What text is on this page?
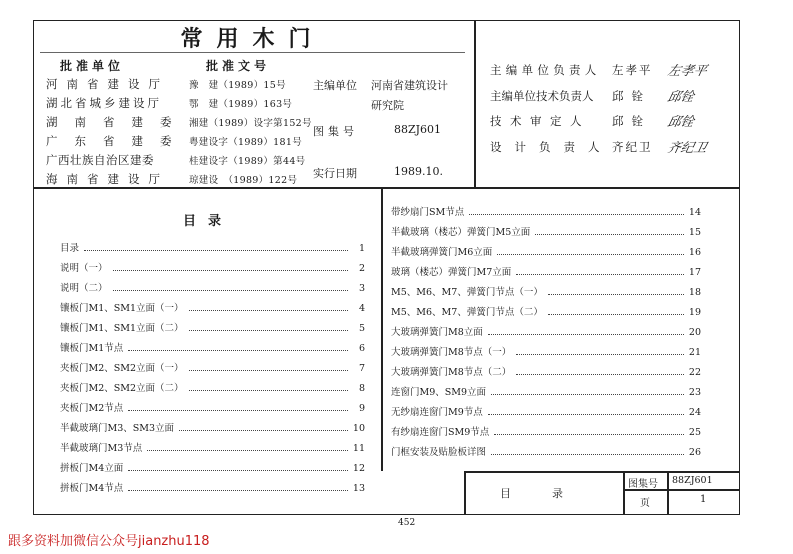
常用木门
批准单位	批准文号
河南省建设厅 豫　建（1989）15号
湖北省城乡建设厅	鄂　建（1989）163号
湖南省建委 湘建（1989）设字第152号
广东省建委 粤建设字（1989）181号
广西壮族自治区建委	桂建设字（1989）第44号
海南省建设厅 琼建设　（1989）122号
主编单位 河南省建筑设计
研究院
图集号	88ZJ601
实行日期	1989.10.
主编单位负责人 左孝平 左孝平
主编单位技术负责人 邱铨 邱铨
技术审定人 邱铨 邱铨
设计负责人 齐纪卫 齐纪卫
目录
目录	1
说明（一）	2
说明（二）	3
镶板门M1、SM1立面（一）	4
镶板门M1、SM1立面（二）	5
镶板门M1节点	6
夹板门M2、SM2立面（一）	7
夹板门M2、SM2立面（二）	8
夹板门M2节点	9
半截玻璃门M3、SM3立面	10
半截玻璃门M3节点	11
拼板门M4立面	12
拼板门M4节点	13
带纱扇门SM节点	14
半截玻璃（楼芯）弹簧门M5立面	15
半截玻璃弹簧门M6立面	16
玻璃（楼芯）弹簧门M7立面	17
M5、M6、M7、弹簧门节点（一）	18
M5、M6、M7、弹簧门节点（二）	19
大玻璃弹簧门M8立面	20
大玻璃弹簧门M8节点（一）	21
大玻璃弹簧门M8节点（二）	22
连窗门M9、SM9立面	23
无纱扇连窗门M9节点	24
有纱扇连窗门SM9节点	25
门框安装及贴脸板详图	26
目　　　录
图集号 88ZJ601
页	1
452
跟多资料加微信公众号jianzhu118
